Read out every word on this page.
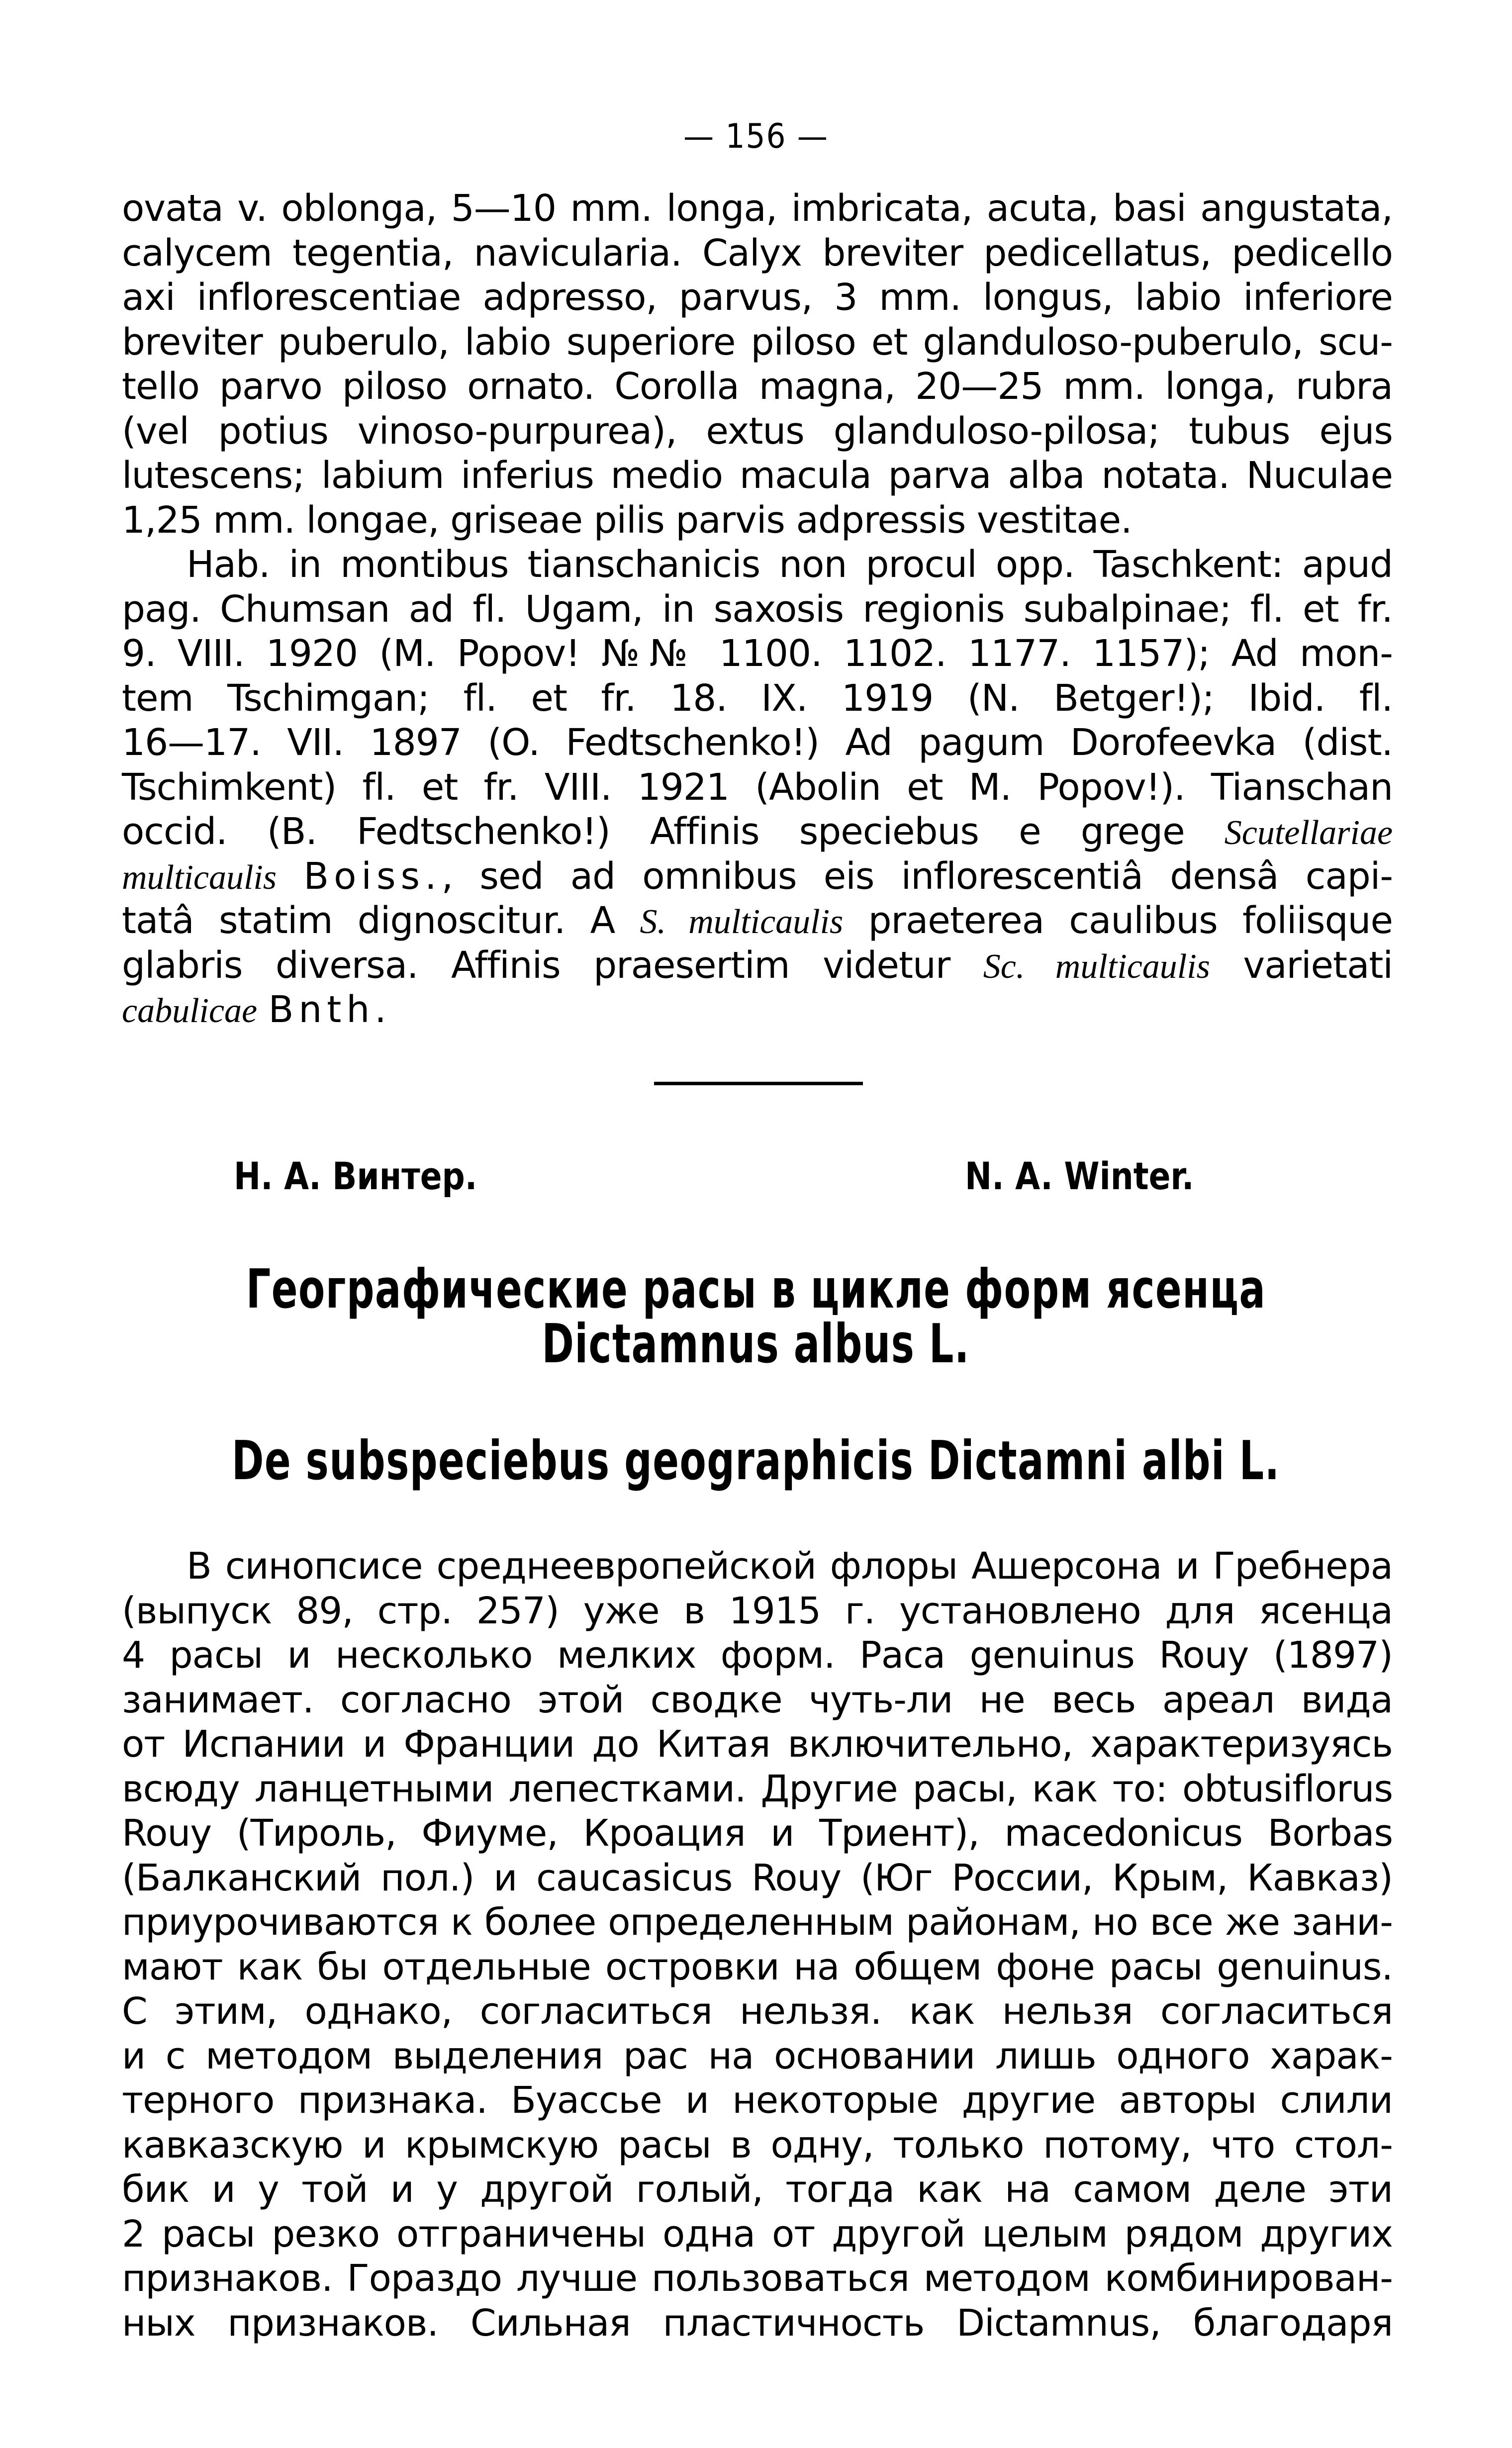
— 156 —
ovata v. oblonga, 5—10 mm. longa, imbricata, acuta, basi angustata,
calycem tegentia, navicularia. Calyx breviter pedicellatus, pedicello
axi inflorescentiae adpresso, parvus, 3 mm. longus, labio inferiore
breviter puberulo, labio superiore piloso et glanduloso-puberulo, scu-
tello parvo piloso ornato. Corolla magna, 20—25 mm. longa, rubra
(vel potius vinoso-purpurea), extus glanduloso-pilosa; tubus ejus
lutescens; labium inferius medio macula parva alba notata. Nuculae
1,25 mm. longae, griseae pilis parvis adpressis vestitae.
Hab. in montibus tianschanicis non procul opp. Taschkent: apud
pag. Chumsan ad fl. Ugam, in saxosis regionis subalpinae; fl. et fr.
9. VIII. 1920 (M. Popov! №№ 1100. 1102. 1177. 1157); Ad mon-
tem Tschimgan; fl. et fr. 18. IX. 1919 (N. Betger!); Ibid. fl.
16—17. VII. 1897 (O. Fedtschenko!) Ad pagum Dorofeevka (dist.
Tschimkent) fl. et fr. VIII. 1921 (Abolin et M. Popov!). Tianschan
occid. (B. Fedtschenko!) Affinis speciebus e grege Scutellariae
multicaulis Boiss., sed ad omnibus eis inflorescentiâ densâ capi-
tatâ statim dignoscitur. A S. multicaulis praeterea caulibus foliisque
glabris diversa. Affinis praesertim videtur Sc. multicaulis varietati
cabulicae Bnth.
Н. А. Винтер.	N. A. Winter.
Географические расы в цикле форм ясенца
Dictamnus albus L.
De subspeciebus geographicis Dictamni albi L.
В синопсисе среднеевропейской флоры Ашерсона и Гребнера
(выпуск 89, стр. 257) уже в 1915 г. установлено для ясенца
4 расы и несколько мелких форм. Раса genuinus Rouy (1897)
занимает. согласно этой сводке чуть-ли не весь ареал вида
от Испании и Франции до Китая включительно, характеризуясь
всюду ланцетными лепестками. Другие расы, как то: obtusiflorus
Rouy (Тироль, Фиуме, Кроация и Триент), macedonicus Borbas
(Балканский пол.) и caucasicus Rouy (Юг России, Крым, Кавказ)
приурочиваются к более определенным районам, но все же зани-
мают как бы отдельные островки на общем фоне расы genuinus.
С этим, однако, согласиться нельзя. как нельзя согласиться
и с методом выделения рас на основании лишь одного харак-
терного признака. Буассье и некоторые другие авторы слили
кавказскую и крымскую расы в одну, только потому, что стол-
бик и у той и у другой голый, тогда как на самом деле эти
2 расы резко отграничены одна от другой целым рядом других
признаков. Гораздо лучше пользоваться методом комбинирован-
ных признаков. Сильная пластичность Dictamnus, благодаря
